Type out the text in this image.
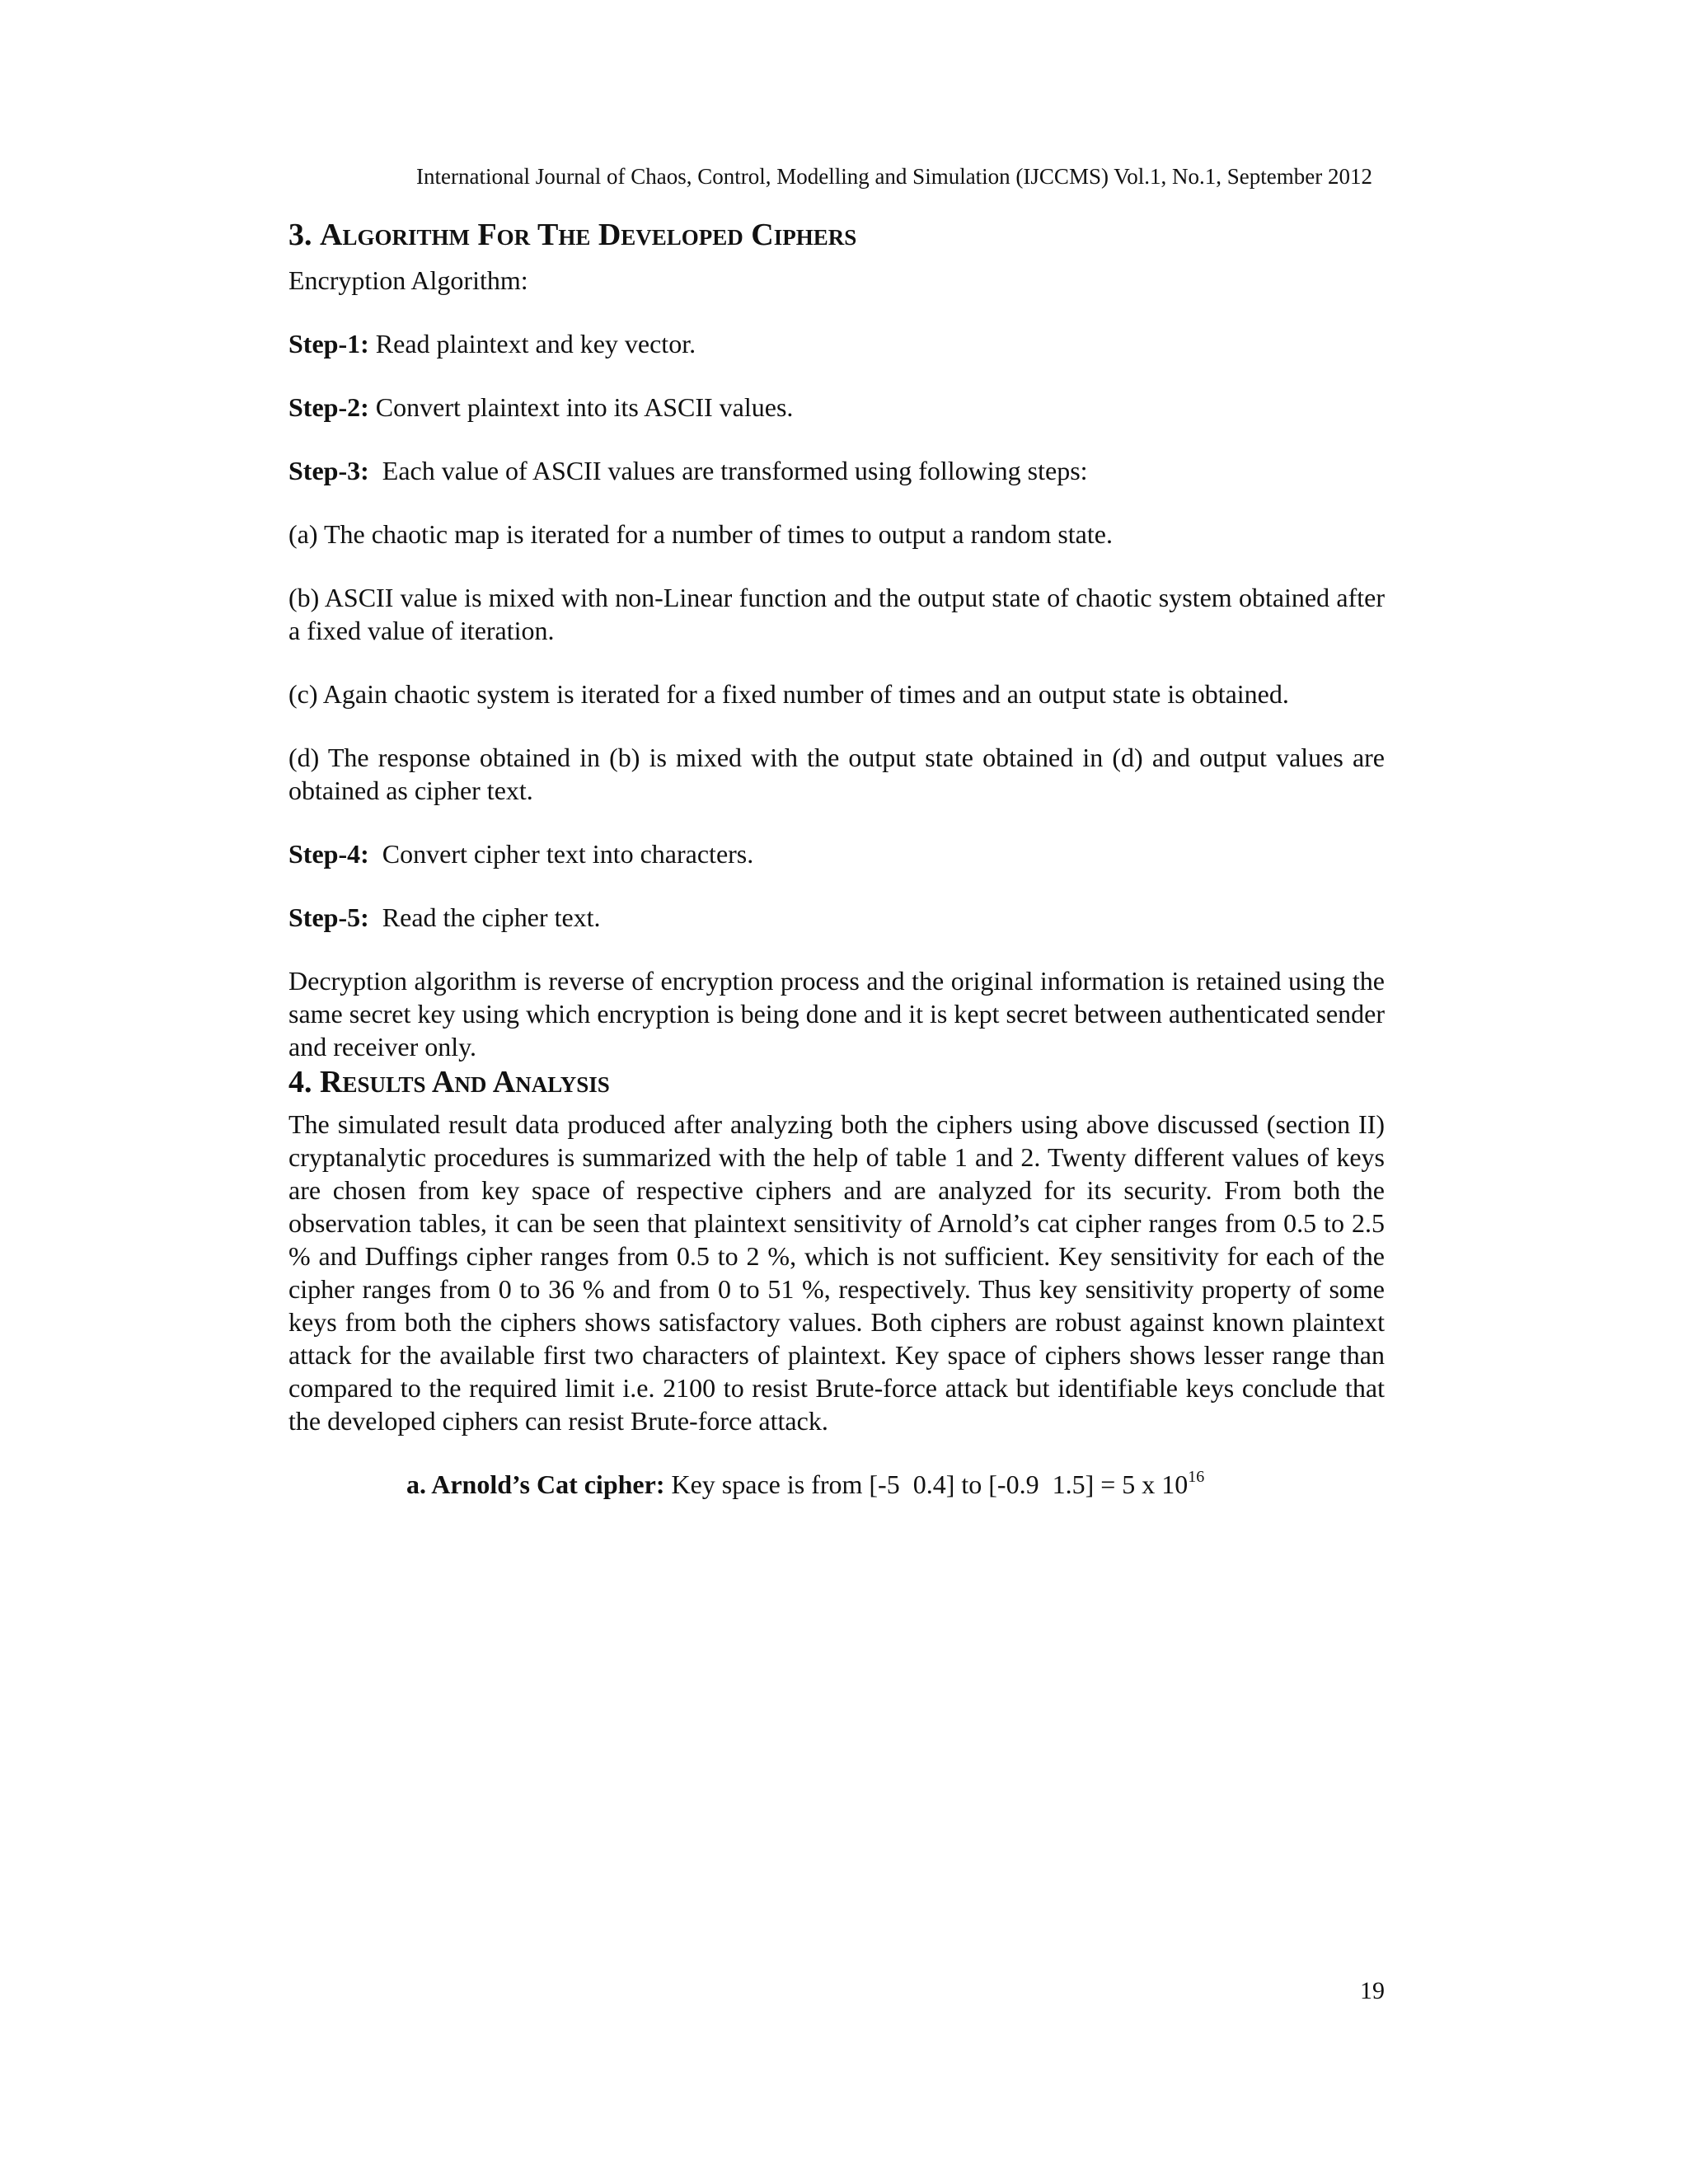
International Journal of Chaos, Control, Modelling and Simulation (IJCCMS) Vol.1, No.1, September 2012
3. Algorithm For The Developed Ciphers

Encryption Algorithm:

Step-1: Read plaintext and key vector.

Step-2: Convert plaintext into its ASCII values.

Step-3:  Each value of ASCII values are transformed using following steps:

(a) The chaotic map is iterated for a number of times to output a random state.

(b) ASCII value is mixed with non-Linear function and the output state of chaotic system obtained after a fixed value of iteration.

(c) Again chaotic system is iterated for a fixed number of times and an output state is obtained.

(d) The response obtained in (b) is mixed with the output state obtained in (d) and output values are obtained as cipher text.

Step-4:  Convert cipher text into characters.

Step-5:  Read the cipher text.

Decryption algorithm is reverse of encryption process and the original information is retained using the same secret key using which encryption is being done and it is kept secret between authenticated sender and receiver only.

4. Results And Analysis

The simulated result data produced after analyzing both the ciphers using above discussed (section II) cryptanalytic procedures is summarized with the help of table 1 and 2. Twenty different values of keys are chosen from key space of respective ciphers and are analyzed for its security. From both the observation tables, it can be seen that plaintext sensitivity of Arnold’s cat cipher ranges from 0.5 to 2.5 % and Duffings cipher ranges from 0.5 to 2 %, which is not sufficient. Key sensitivity for each of the cipher ranges from 0 to 36 % and from 0 to 51 %, respectively. Thus key sensitivity property of some keys from both the ciphers shows satisfactory values. Both ciphers are robust against known plaintext attack for the available first two characters of plaintext. Key space of ciphers shows lesser range than compared to the required limit i.e. 2100 to resist Brute-force attack but identifiable keys conclude that the developed ciphers can resist Brute-force attack.

a. Arnold’s Cat cipher: Key space is from [-5  0.4] to [-0.9  1.5] = 5 x $10^{16}$

19
